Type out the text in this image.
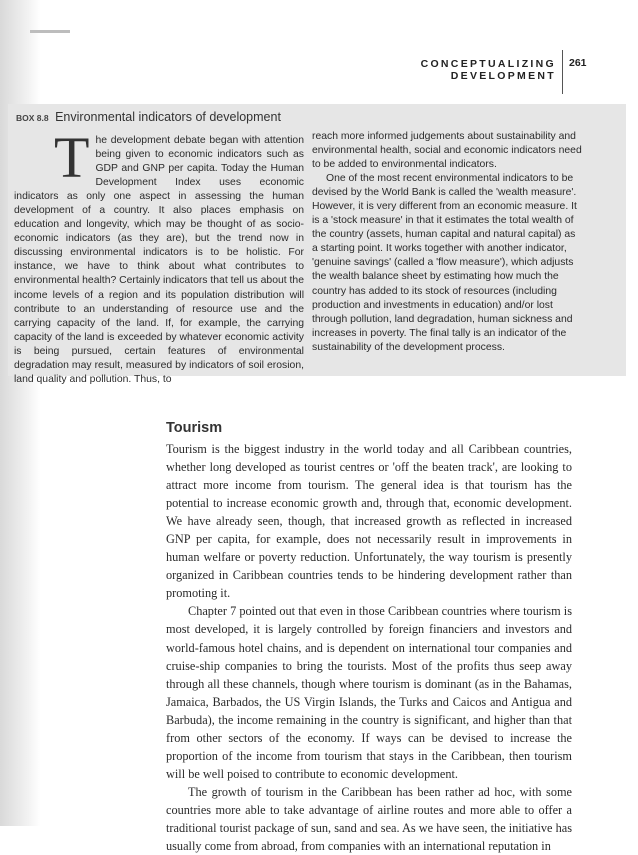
CONCEPTUALIZING DEVELOPMENT
261
BOX 8.8 Environmental indicators of development

T he development debate began with attention being given to economic indicators such as GDP and GNP per capita. Today the Human Development Index uses economic indicators as only one aspect in assessing the human development of a country. It also places emphasis on education and longevity, which may be thought of as socio-economic indicators (as they are), but the trend now in discussing environmental indicators is to be holistic. For instance, we have to think about what contributes to environmental health? Certainly indicators that tell us about the income levels of a region and its population distribution will contribute to an understanding of resource use and the carrying capacity of the land. If, for example, the carrying capacity of the land is exceeded by whatever economic activity is being pursued, certain features of environmental degradation may result, measured by indicators of soil erosion, land quality and pollution. Thus, to

reach more informed judgements about sustainability and environmental health, social and economic indicators need to be added to environmental indicators.

One of the most recent environmental indicators to be devised by the World Bank is called the 'wealth measure'. However, it is very different from an economic measure. It is a 'stock measure' in that it estimates the total wealth of the country (assets, human capital and natural capital) as a starting point. It works together with another indicator, 'genuine savings' (called a 'flow measure'), which adjusts the wealth balance sheet by estimating how much the country has added to its stock of resources (including production and investments in education) and/or lost through pollution, land degradation, human sickness and increases in poverty. The final tally is an indicator of the sustainability of the development process.

Tourism

Tourism is the biggest industry in the world today and all Caribbean countries, whether long developed as tourist centres or 'off the beaten track', are looking to attract more income from tourism. The general idea is that tourism has the potential to increase economic growth and, through that, economic development. We have already seen, though, that increased growth as reflected in increased GNP per capita, for example, does not necessarily result in improvements in human welfare or poverty reduction. Unfortunately, the way tourism is presently organized in Caribbean countries tends to be hindering development rather than promoting it.

Chapter 7 pointed out that even in those Caribbean countries where tourism is most developed, it is largely controlled by foreign financiers and investors and world-famous hotel chains, and is dependent on international tour companies and cruise-ship companies to bring the tourists. Most of the profits thus seep away through all these channels, though where tourism is dominant (as in the Bahamas, Jamaica, Barbados, the US Virgin Islands, the Turks and Caicos and Antigua and Barbuda), the income remaining in the country is significant, and higher than that from other sectors of the economy. If ways can be devised to increase the proportion of the income from tourism that stays in the Caribbean, then tourism will be well poised to contribute to economic development.

The growth of tourism in the Caribbean has been rather ad hoc, with some countries more able to take advantage of airline routes and more able to offer a traditional tourist package of sun, sand and sea. As we have seen, the initiative has usually come from abroad, from companies with an international reputation in
